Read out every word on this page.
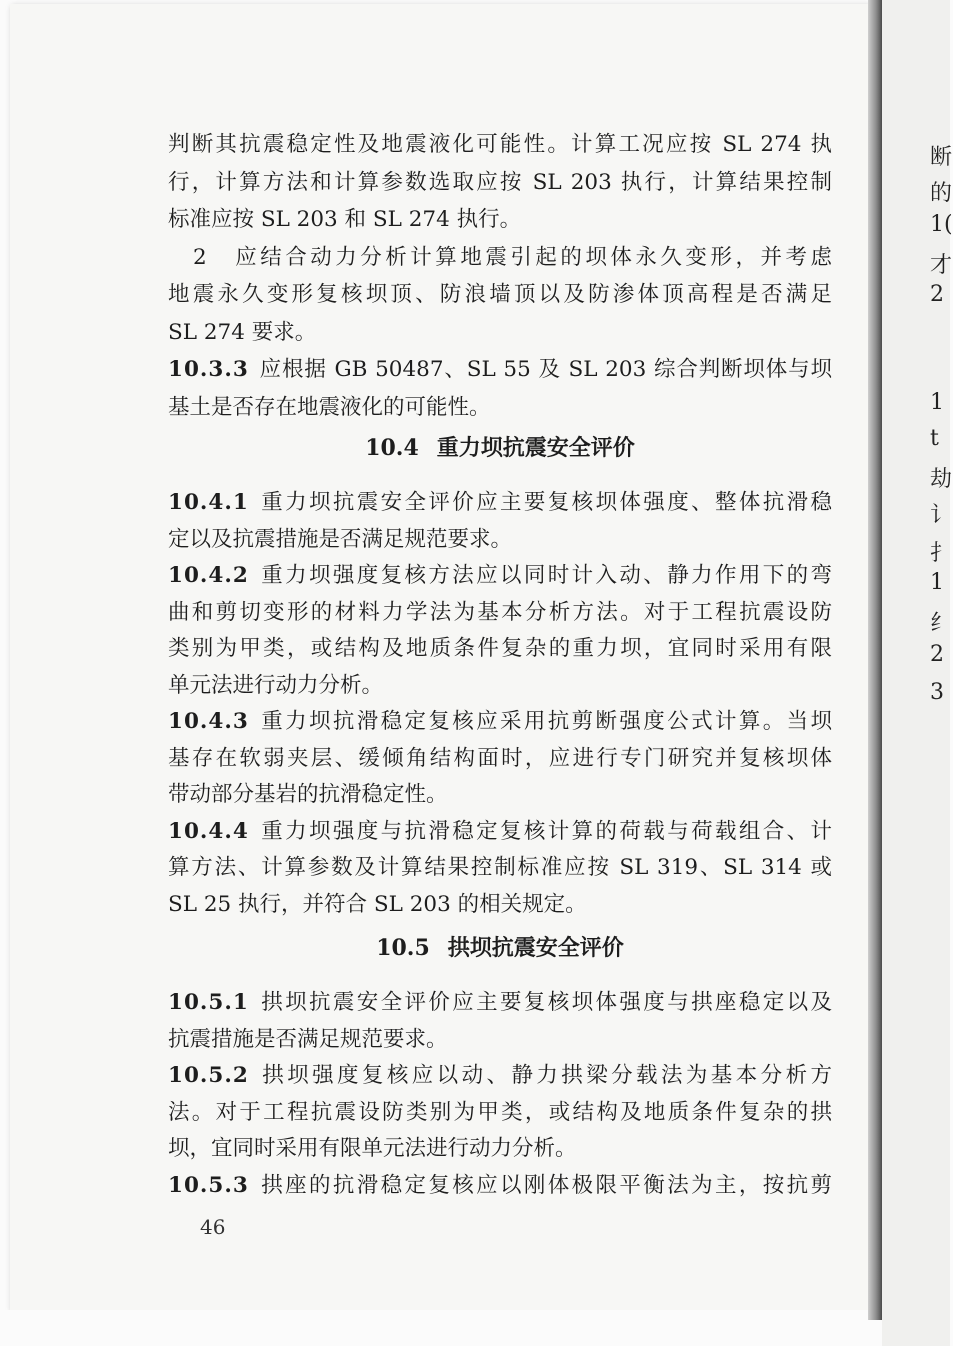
断
的
1(
才
2
1
t
劫
讠
扌
1
纟
2
3
判断其抗震稳定性及地震液化可能性。计算工况应按 SL 274 执
行，计算方法和计算参数选取应按 SL 203 执行，计算结果控制
标准应按 SL 203 和 SL 274 执行。
　2　应结合动力分析计算地震引起的坝体永久变形，并考虑
地震永久变形复核坝顶、防浪墙顶以及防渗体顶高程是否满足
SL 274 要求。
10.3.3 应根据 GB 50487、SL 55 及 SL 203 综合判断坝体与坝
基土是否存在地震液化的可能性。
10.4 重力坝抗震安全评价
10.4.1 重力坝抗震安全评价应主要复核坝体强度、整体抗滑稳
定以及抗震措施是否满足规范要求。
10.4.2 重力坝强度复核方法应以同时计入动、静力作用下的弯
曲和剪切变形的材料力学法为基本分析方法。对于工程抗震设防
类别为甲类，或结构及地质条件复杂的重力坝，宜同时采用有限
单元法进行动力分析。
10.4.3 重力坝抗滑稳定复核应采用抗剪断强度公式计算。当坝
基存在软弱夹层、缓倾角结构面时，应进行专门研究并复核坝体
带动部分基岩的抗滑稳定性。
10.4.4 重力坝强度与抗滑稳定复核计算的荷载与荷载组合、计
算方法、计算参数及计算结果控制标准应按 SL 319、SL 314 或
SL 25 执行，并符合 SL 203 的相关规定。
10.5 拱坝抗震安全评价
10.5.1 拱坝抗震安全评价应主要复核坝体强度与拱座稳定以及
抗震措施是否满足规范要求。
10.5.2 拱坝强度复核应以动、静力拱梁分载法为基本分析方
法。对于工程抗震设防类别为甲类，或结构及地质条件复杂的拱
坝，宜同时采用有限单元法进行动力分析。
10.5.3 拱座的抗滑稳定复核应以刚体极限平衡法为主，按抗剪
46
